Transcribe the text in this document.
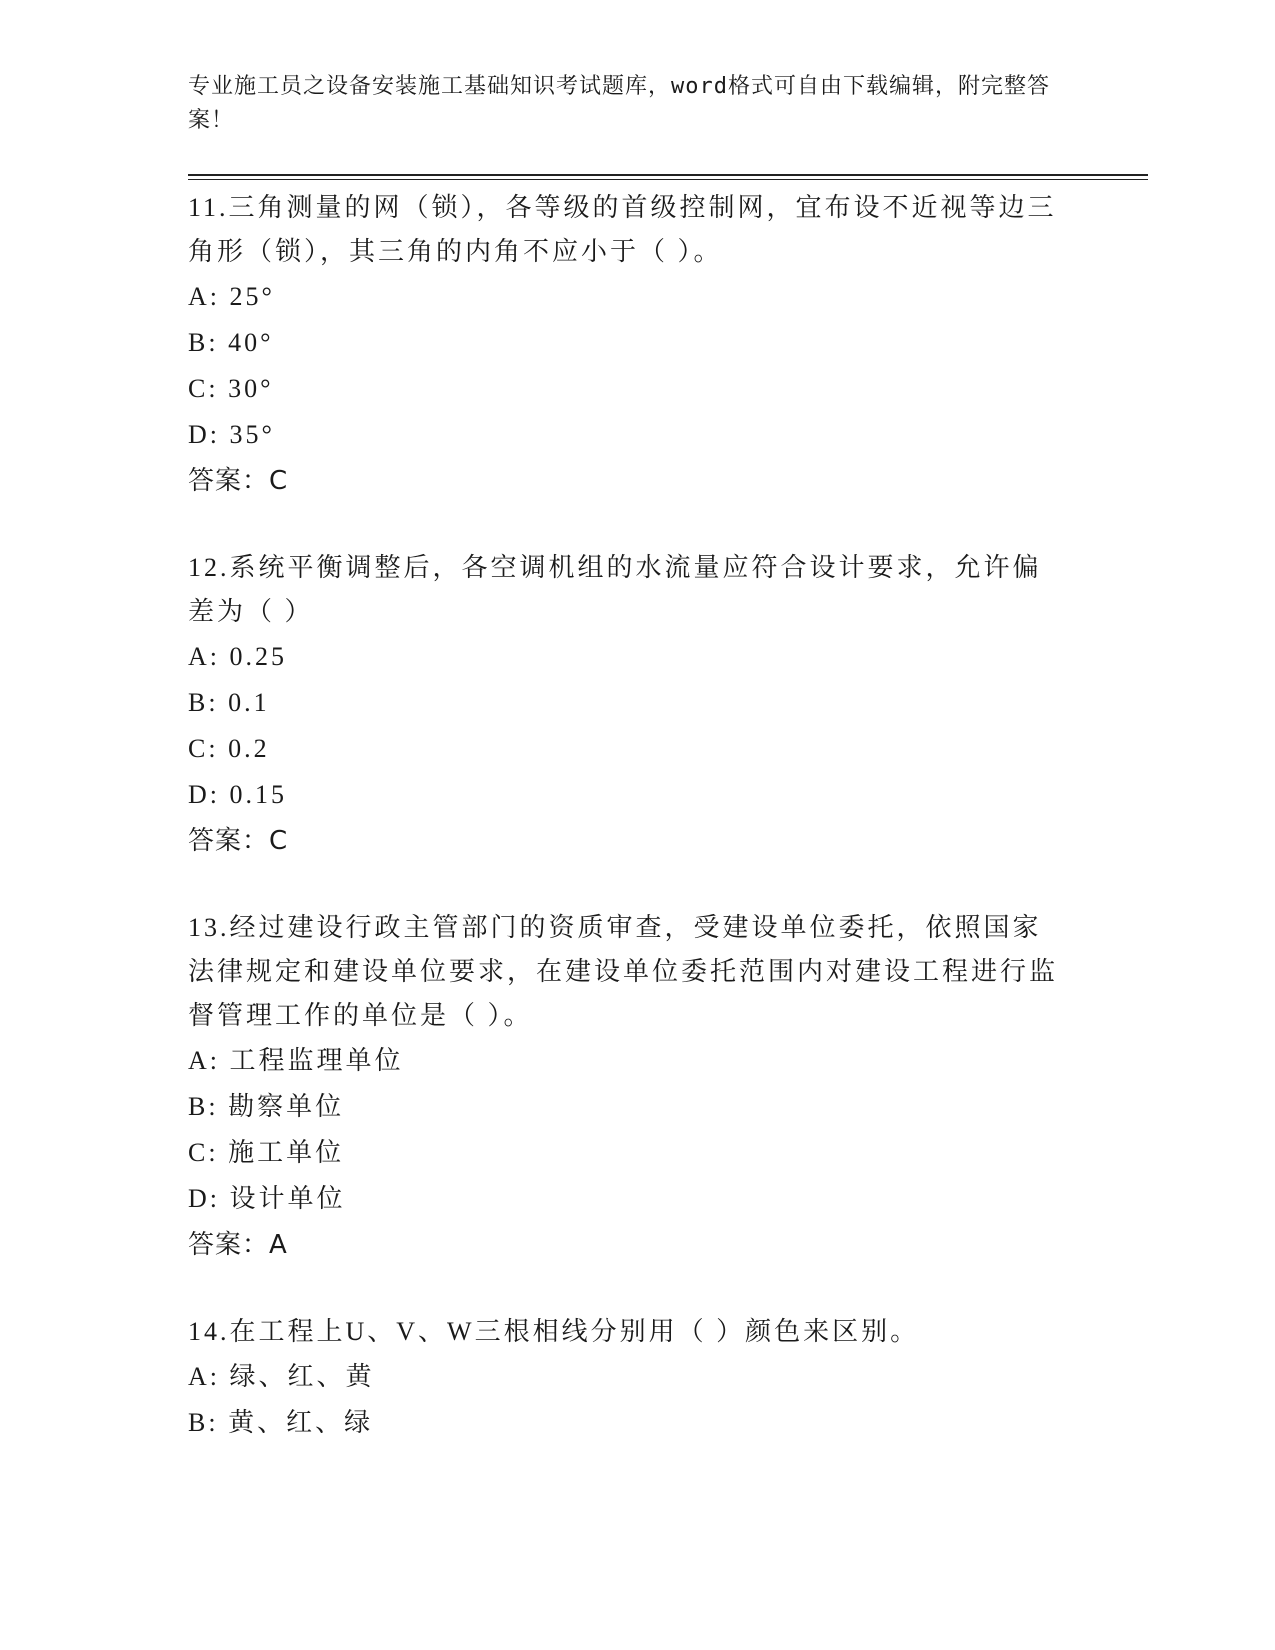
专业施工员之设备安装施工基础知识考试题库，word格式可自由下载编辑，附完整答案！

11.三角测量的网（锁），各等级的首级控制网，宜布设不近视等边三角形（锁），其三角的内角不应小于（ ）。

A: 25°

B: 40°

C: 30°

D: 35°

答案：C

12.系统平衡调整后，各空调机组的水流量应符合设计要求，允许偏差为（ ）

A: 0.25

B: 0.1

C: 0.2

D: 0.15

答案：C

13.经过建设行政主管部门的资质审查，受建设单位委托，依照国家法律规定和建设单位要求，在建设单位委托范围内对建设工程进行监督管理工作的单位是（ ）。

A: 工程监理单位

B: 勘察单位

C: 施工单位

D: 设计单位

答案：A

14.在工程上U、V、W三根相线分别用（ ）颜色来区别。

A: 绿、红、黄

B: 黄、红、绿
